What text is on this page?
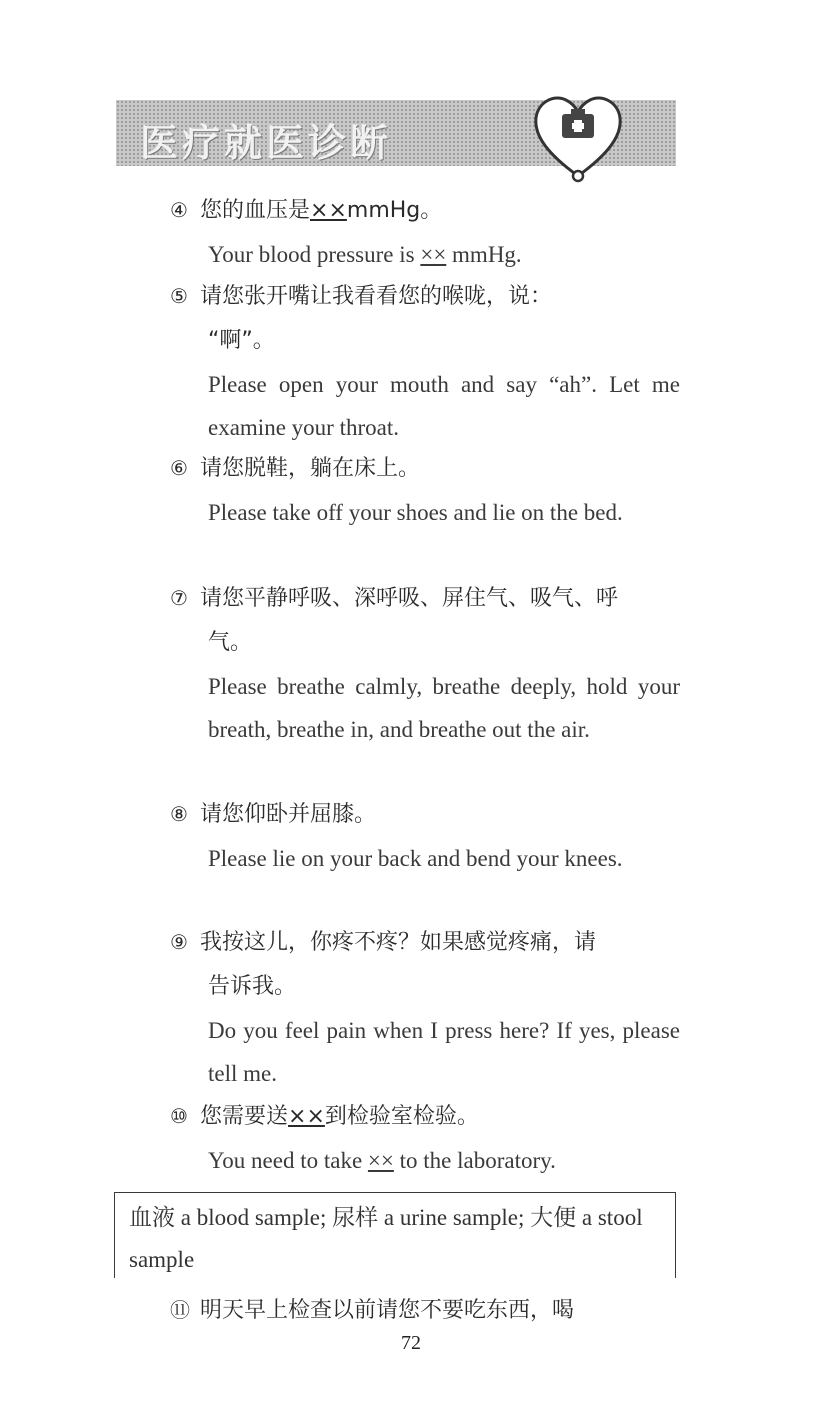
医疗就医诊断
④ 您的血压是××mmHg。
Your blood pressure is ×× mmHg.
⑤ 请您张开嘴让我看看您的喉咙，说：
“啊”。
Please open your mouth and say “ah”. Let me examine your throat.
⑥ 请您脱鞋，躺在床上。
Please take off your shoes and lie on the bed.
⑦ 请您平静呼吸、深呼吸、屏住气、吸气、呼
气。
Please breathe calmly, breathe deeply, hold your breath, breathe in, and breathe out the air.
⑧ 请您仰卧并屈膝。
Please lie on your back and bend your knees.
⑨ 我按这儿，你疼不疼？如果感觉疼痛，请
告诉我。
Do you feel pain when I press here? If yes, please tell me.
⑩ 您需要送××到检验室检验。
You need to take ×× to the laboratory.
血液 a blood sample; 尿样 a urine sample; 大便 a stool sample
⑪ 明天早上检查以前请您不要吃东西，喝
72
